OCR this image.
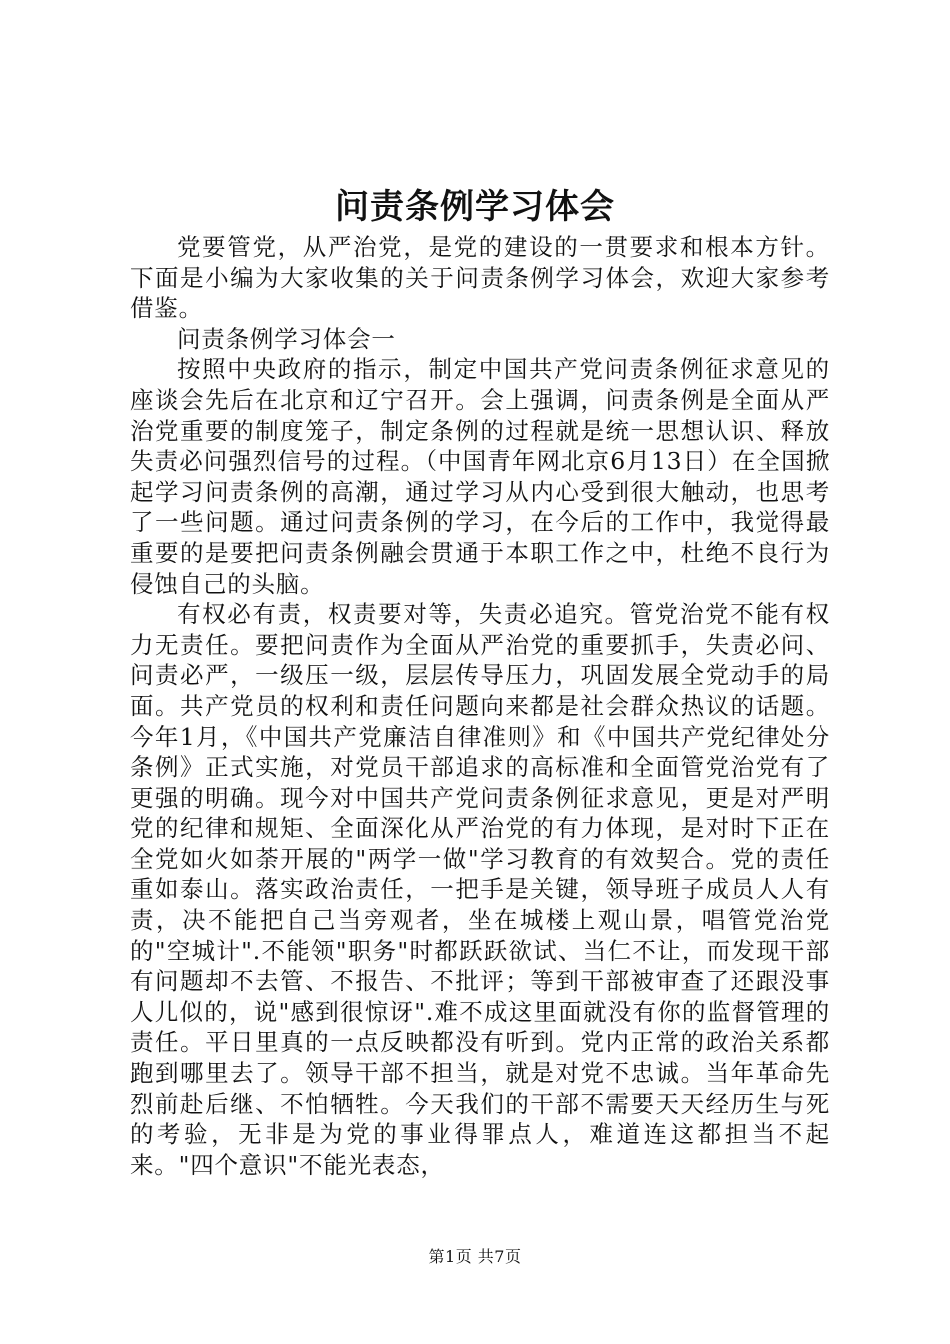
问责条例学习体会

党要管党，从严治党，是党的建设的一贯要求和根本方针。下面是小编为大家收集的关于问责条例学习体会，欢迎大家参考借鉴。

问责条例学习体会一

按照中央政府的指示，制定中国共产党问责条例征求意见的座谈会先后在北京和辽宁召开。会上强调，问责条例是全面从严治党重要的制度笼子，制定条例的过程就是统一思想认识、释放失责必问强烈信号的过程。（中国青年网北京6月13日）在全国掀起学习问责条例的高潮，通过学习从内心受到很大触动，也思考了一些问题。通过问责条例的学习，在今后的工作中，我觉得最重要的是要把问责条例融会贯通于本职工作之中，杜绝不良行为侵蚀自己的头脑。

有权必有责，权责要对等，失责必追究。管党治党不能有权力无责任。要把问责作为全面从严治党的重要抓手，失责必问、问责必严，一级压一级，层层传导压力，巩固发展全党动手的局面。共产党员的权利和责任问题向来都是社会群众热议的话题。今年1月，《中国共产党廉洁自律准则》和《中国共产党纪律处分条例》正式实施，对党员干部追求的高标准和全面管党治党有了更强的明确。现今对中国共产党问责条例征求意见，更是对严明党的纪律和规矩、全面深化从严治党的有力体现，是对时下正在全党如火如荼开展的"两学一做"学习教育的有效契合。党的责任重如泰山。落实政治责任，一把手是关键，领导班子成员人人有责，决不能把自己当旁观者，坐在城楼上观山景，唱管党治党的"空城计".不能领"职务"时都跃跃欲试、当仁不让，而发现干部有问题却不去管、不报告、不批评；等到干部被审查了还跟没事人儿似的，说"感到很惊讶".难不成这里面就没有你的监督管理的责任。平日里真的一点反映都没有听到。党内正常的政治关系都跑到哪里去了。领导干部不担当，就是对党不忠诚。当年革命先烈前赴后继、不怕牺牲。今天我们的干部不需要天天经历生与死的考验，无非是为党的事业得罪点人，难道连这都担当不起来。"四个意识"不能光表态，

第1页 共7页
